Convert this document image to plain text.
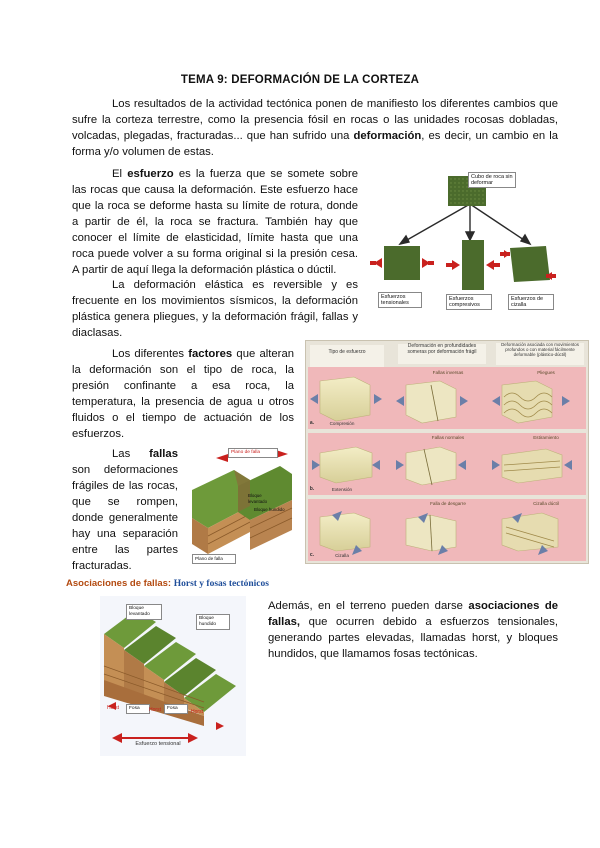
TEMA 9: DEFORMACIÓN DE LA CORTEZA

Los resultados de la actividad tectónica ponen de manifiesto los diferentes cambios que sufre la corteza terrestre, como la presencia fósil en rocas o las unidades rocosas dobladas, volcadas, plegadas, fracturadas... que han sufrido una deformación, es decir, un cambio en la forma y/o volumen de estas.

El esfuerzo es la fuerza que se somete sobre las rocas que causa la deformación. Este esfuerzo hace que la roca se deforme hasta su límite de rotura, donde a partir de él, la roca se fractura. También hay que conocer el límite de elasticidad, límite hasta que una roca puede volver a su forma original si la presión cesa. A partir de aquí llega la deformación plástica o dúctil.

La deformación elástica es reversible y es frecuente en los movimientos sísmicos, la deformación plástica genera pliegues, y la deformación frágil, fallas y diaclasas.

Los diferentes factores que alteran la deformación son el tipo de roca, la presión confinante a esa roca, la temperatura, la presencia de agua u otros fluidos o el tiempo de actuación de los esfuerzos.

Las fallas son deformaciones frágiles de las rocas, que se rompen, donde generalmente hay una separación entre las partes fracturadas.

Además, en el terreno pueden darse asociaciones de fallas, que ocurren debido a esfuerzos tensionales, generando partes elevadas, llamadas horst, y bloques hundidos, que llamamos fosas tectónicas.

Cubo de roca sin deformar
Esfuerzos tensionales
Esfuerzos compresivos
Esfuerzos de cizalla
Tipo de esfuerzo
Deformación en profundidades someras por deformación frágil
Deformación asociada con movimientos profundos o con material fácilmente deformable (plástico-dúctil)
Fallas inversas	Pliegues
Fallas normales	Estiramiento
Falla de desgarre	Cizalla dúctil
Compresión
Extensión
Cizalla
a.
b.
c.
Plano de falla
Bloque levantado
Bloque hundido
Plano de falla
Asociaciones de fallas: Horst y fosas tectónicos
Bloque levantado
Bloque hundido
Horst	Fosa	Horst	Fosa
Horst
Esfuerzo tensional
